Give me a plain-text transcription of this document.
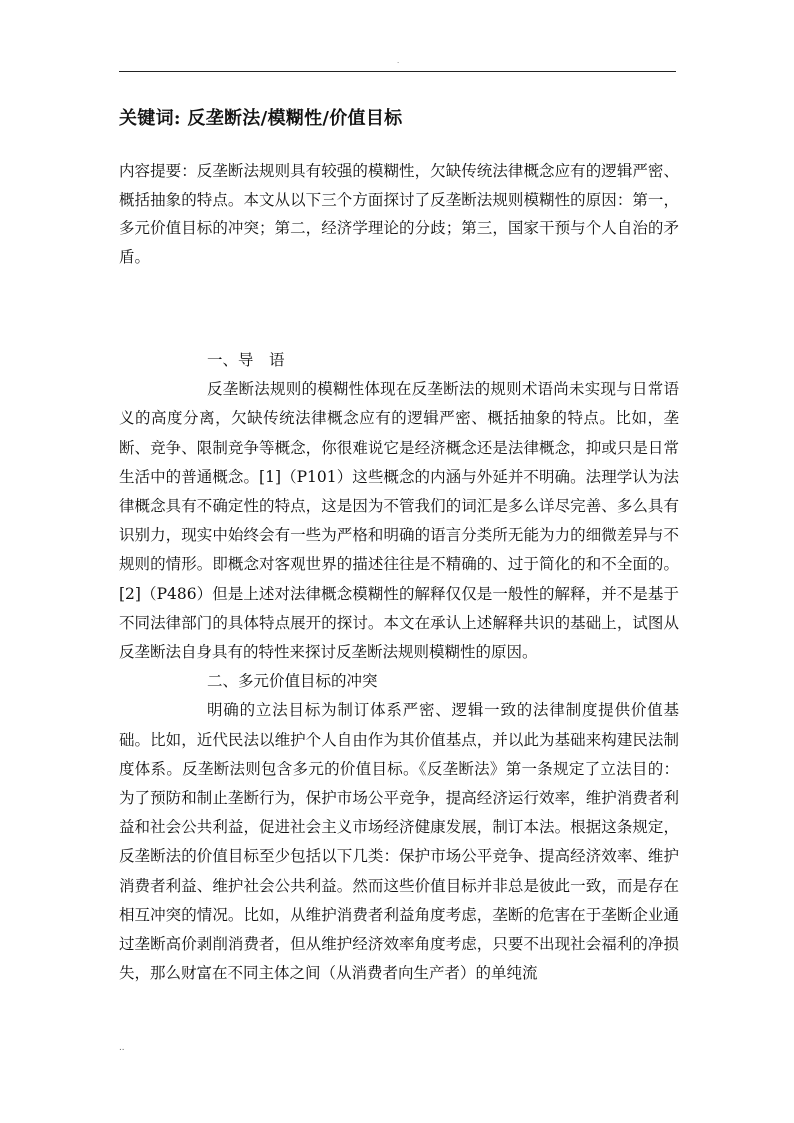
.
关键词: 反垄断法/模糊性/价值目标
内容提要：反垄断法规则具有较强的模糊性，欠缺传统法律概念应有的逻辑严密、概括抽象的特点。本文从以下三个方面探讨了反垄断法规则模糊性的原因：第一，多元价值目标的冲突；第二，经济学理论的分歧；第三，国家干预与个人自治的矛盾。
一、导　语

反垄断法规则的模糊性体现在反垄断法的规则术语尚未实现与日常语义的高度分离，欠缺传统法律概念应有的逻辑严密、概括抽象的特点。比如，垄断、竞争、限制竞争等概念，你很难说它是经济概念还是法律概念，抑或只是日常生活中的普通概念。[1]（P101）这些概念的内涵与外延并不明确。法理学认为法律概念具有不确定性的特点，这是因为不管我们的词汇是多么详尽完善、多么具有识别力，现实中始终会有一些为严格和明确的语言分类所无能为力的细微差异与不规则的情形。即概念对客观世界的描述往往是不精确的、过于简化的和不全面的。[2]（P486）但是上述对法律概念模糊性的解释仅仅是一般性的解释，并不是基于不同法律部门的具体特点展开的探讨。本文在承认上述解释共识的基础上，试图从反垄断法自身具有的特性来探讨反垄断法规则模糊性的原因。

二、多元价值目标的冲突

明确的立法目标为制订体系严密、逻辑一致的法律制度提供价值基础。比如，近代民法以维护个人自由作为其价值基点，并以此为基础来构建民法制度体系。反垄断法则包含多元的价值目标。《反垄断法》第一条规定了立法目的：为了预防和制止垄断行为，保护市场公平竞争，提高经济运行效率，维护消费者利益和社会公共利益，促进社会主义市场经济健康发展，制订本法。根据这条规定，反垄断法的价值目标至少包括以下几类：保护市场公平竞争、提高经济效率、维护消费者利益、维护社会公共利益。然而这些价值目标并非总是彼此一致，而是存在相互冲突的情况。比如，从维护消费者利益角度考虑，垄断的危害在于垄断企业通过垄断高价剥削消费者，但从维护经济效率角度考虑，只要不出现社会福利的净损失，那么财富在不同主体之间（从消费者向生产者）的单纯流

..
